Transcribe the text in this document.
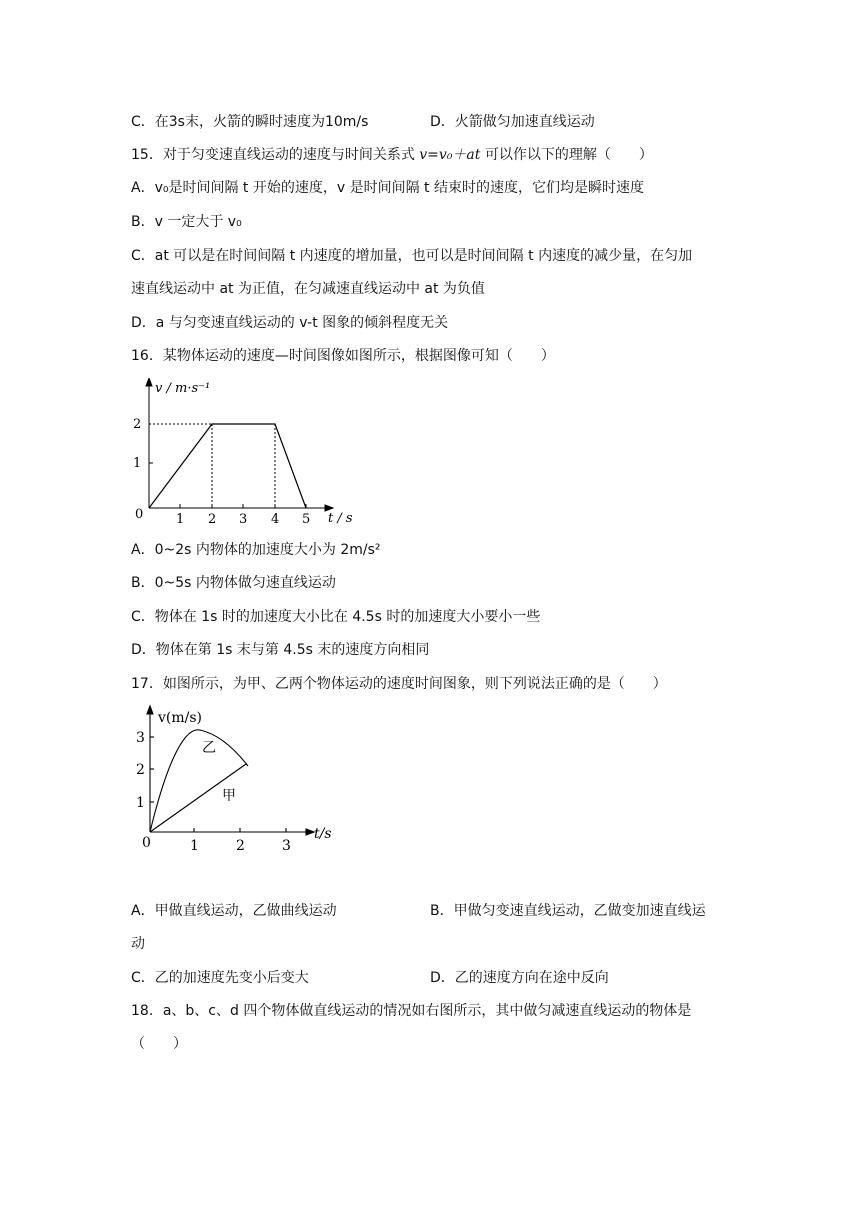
C．在3s末，火箭的瞬时速度为10m/s	D．火箭做匀加速直线运动
15．对于匀变速直线运动的速度与时间关系式 v=v₀＋at 可以作以下的理解（　　）
A．v₀是时间间隔 t 开始的速度，v 是时间间隔 t 结束时的速度，它们均是瞬时速度
B．v 一定大于 v₀
C．at 可以是在时间间隔 t 内速度的增加量，也可以是时间间隔 t 内速度的减少量，在匀加
速直线运动中 at 为正值，在匀减速直线运动中 at 为负值
D．a 与匀变速直线运动的 v-t 图象的倾斜程度无关
16．某物体运动的速度—时间图像如图所示，根据图像可知（　　）
v / m·s⁻¹
2
1
0	1 2 3 4 5 t / s
A．0~2s 内物体的加速度大小为 2m/s²
B．0~5s 内物体做匀速直线运动
C．物体在 1s 时的加速度大小比在 4.5s 时的加速度大小要小一些
D．物体在第 1s 末与第 4.5s 末的速度方向相同
17．如图所示，为甲、乙两个物体运动的速度时间图象，则下列说法正确的是（　　）
v(m/s)
3
2
1
0	1	2	3
t/s
乙
甲
A．甲做直线运动，乙做曲线运动	B．甲做匀变速直线运动，乙做变加速直线运
动
C．乙的加速度先变小后变大	D．乙的速度方向在途中反向
18．a、b、c、d 四个物体做直线运动的情况如右图所示，其中做匀减速直线运动的物体是
（　　）
